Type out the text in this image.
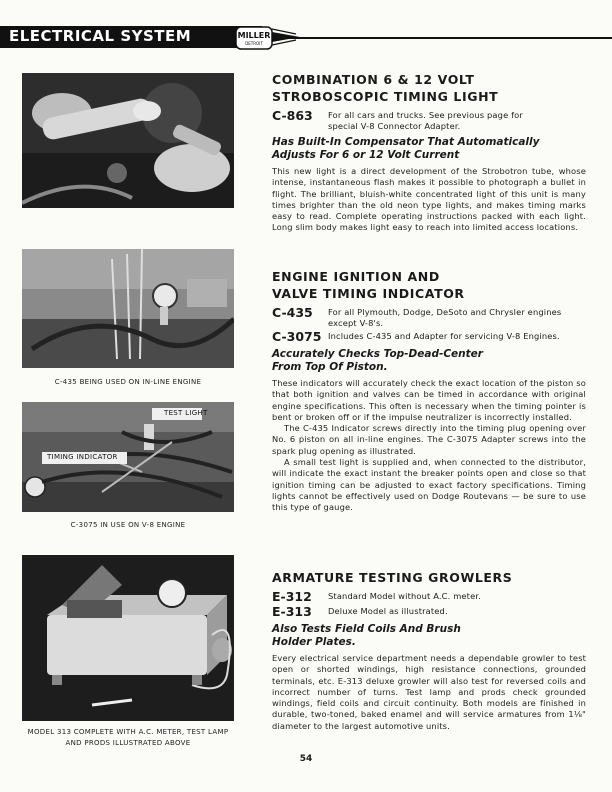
ELECTRICAL SYSTEM	MILLER
DETROIT
C-435 BEING USED ON IN-LINE ENGINE
TEST LIGHT
TIMING INDICATOR
C-3075 IN USE ON V-8 ENGINE
MODEL 313 COMPLETE WITH A.C. METER, TEST LAMP AND PRODS ILLUSTRATED ABOVE
COMBINATION 6 & 12 VOLT
STROBOSCOPIC TIMING LIGHT
C-863	For all cars and trucks. See previous page for special V-8 Connector Adapter.
Has Built-In Compensator That Automatically Adjusts For 6 or 12 Volt Current
This new light is a direct development of the Strobotron tube, whose intense, instantaneous flash makes it possible to photograph a bullet in flight. The brilliant, bluish-white concentrated light of this unit is many times brighter than the old neon type lights, and makes timing marks easy to read. Complete operating instructions packed with each light. Long slim body makes light easy to reach into limited access locations.
ENGINE IGNITION AND
VALVE TIMING INDICATOR
C-435	For all Plymouth, Dodge, DeSoto and Chrysler engines except V-8's.
C-3075 Includes C-435 and Adapter for servicing V-8 Engines.
Accurately Checks Top-Dead-Center From Top Of Piston.
These indicators will accurately check the exact location of the piston so that both ignition and valves can be timed in accordance with original engine specifications. This often is necessary when the timing pointer is bent or broken off or if the impulse neutralizer is incorrectly installed.
The C-435 Indicator screws directly into the timing plug opening over No. 6 piston on all in-line engines. The C-3075 Adapter screws into the spark plug opening as illustrated.
A small test light is supplied and, when connected to the distributor, will indicate the exact instant the breaker points open and close so that ignition timing can be adjusted to exact factory specifications. Timing lights cannot be effectively used on Dodge Routevans — be sure to use this type of gauge.
ARMATURE TESTING GROWLERS
E-312	Standard Model without A.C. meter.
E-313	Deluxe Model as illustrated.
Also Tests Field Coils And Brush Holder Plates.
Every electrical service department needs a dependable growler to test open or shorted windings, high resistance connections, grounded terminals, etc. E-313 deluxe growler will also test for reversed coils and incorrect number of turns. Test lamp and prods check grounded windings, field coils and circuit continuity. Both models are finished in durable, two-toned, baked enamel and will service armatures from 1⅛" diameter to the largest automotive units.
54
